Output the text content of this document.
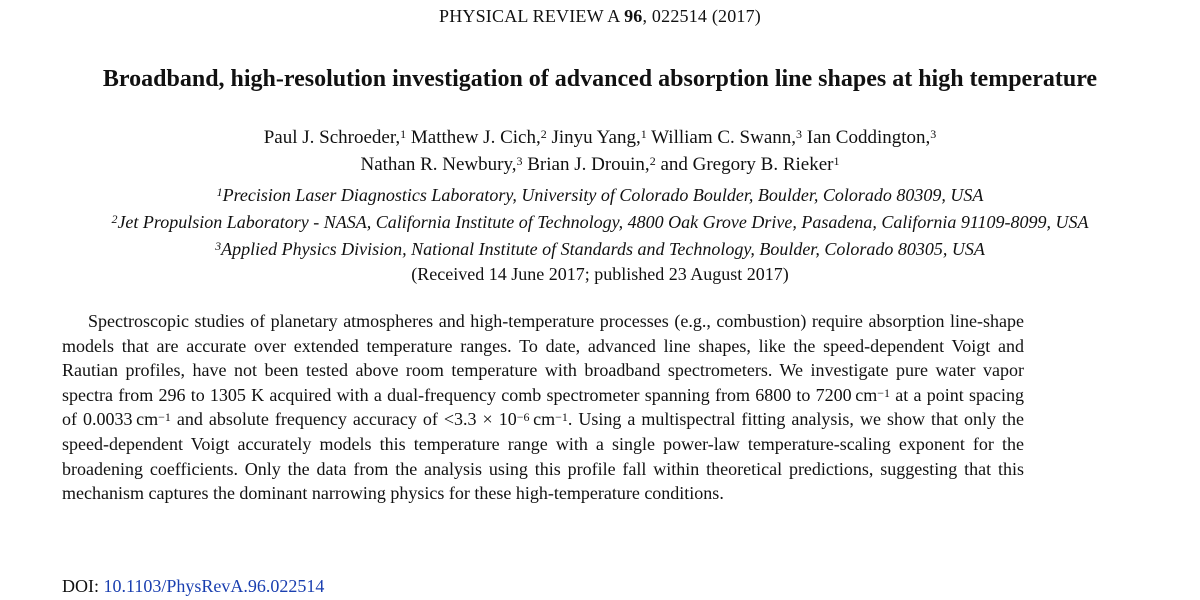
PHYSICAL REVIEW A 96, 022514 (2017)
Broadband, high-resolution investigation of advanced absorption line shapes at high temperature
Paul J. Schroeder,$^1$ Matthew J. Cich,$^2$ Jinyu Yang,$^1$ William C. Swann,$^3$ Ian Coddington,$^3$
Nathan R. Newbury,$^3$ Brian J. Drouin,$^2$ and Gregory B. Rieker$^1$
$^1$Precision Laser Diagnostics Laboratory, University of Colorado Boulder, Boulder, Colorado 80309, USA
$^2$Jet Propulsion Laboratory - NASA, California Institute of Technology, 4800 Oak Grove Drive, Pasadena, California 91109-8099, USA
$^3$Applied Physics Division, National Institute of Standards and Technology, Boulder, Colorado 80305, USA
(Received 14 June 2017; published 23 August 2017)
Spectroscopic studies of planetary atmospheres and high-temperature processes (e.g., combustion) require absorption line-shape models that are accurate over extended temperature ranges. To date, advanced line shapes, like the speed-dependent Voigt and Rautian profiles, have not been tested above room temperature with broadband spectrometers. We investigate pure water vapor spectra from 296 to 1305 K acquired with a dual-frequency comb spectrometer spanning from 6800 to 7200 $cm^{-1}$ at a point spacing of 0.0033 $cm^{-1}$ and absolute frequency accuracy of $<3.3 \times 10^{-6}$ $cm^{-1}$. Using a multispectral fitting analysis, we show that only the speed-dependent Voigt accurately models this temperature range with a single power-law temperature-scaling exponent for the broadening coefficients. Only the data from the analysis using this profile fall within theoretical predictions, suggesting that this mechanism captures the dominant narrowing physics for these high-temperature conditions.
DOI: 10.1103/PhysRevA.96.022514
